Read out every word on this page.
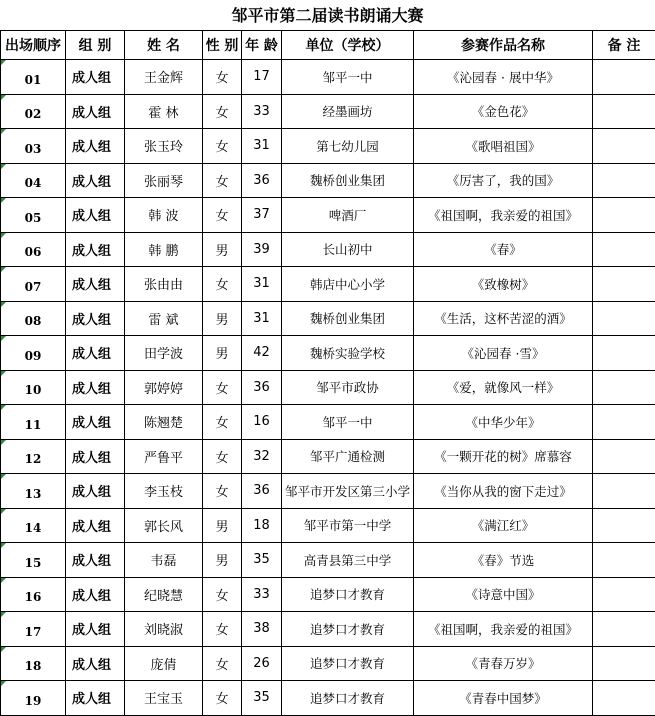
邹平市第二届读书朗诵大赛
出场顺序	组 别	姓 名	性 别	年 龄	单位（学校）	参赛作品名称	备 注

01	成人组	王金辉	女	17	邹平一中	《沁园春 · 展中华》	

02	成人组	霍 林	女	33	经墨画坊	《金色花》	

03	成人组	张玉玲	女	31	第七幼儿园	《歌唱祖国》	

04	成人组	张丽琴	女	36	魏桥创业集团	《厉害了，我的国》	

05	成人组	韩 波	女	37	啤酒厂	《祖国啊，我亲爱的祖国》	

06	成人组	韩 鹏	男	39	长山初中	《春》	

07	成人组	张由由	女	31	韩店中心小学	《致橡树》	

08	成人组	雷 斌	男	31	魏桥创业集团	《生活，这杯苦涩的酒》	

09	成人组	田学波	男	42	魏桥实验学校	《沁园春 ·雪》	

10	成人组	郭婷婷	女	36	邹平市政协	《爱，就像风一样》	

11	成人组	陈翘楚	女	16	邹平一中	《中华少年》	

12	成人组	严鲁平	女	32	邹平广通检测	《一颗开花的树》席慕容	

13	成人组	李玉枝	女	36	邹平市开发区第三小学	《当你从我的窗下走过》	

14	成人组	郭长风	男	18	邹平市第一中学	《满江红》	

15	成人组	韦磊	男	35	高青县第三中学	《春》节选	

16	成人组	纪晓慧	女	33	追梦口才教育	《诗意中国》	

17	成人组	刘晓淑	女	38	追梦口才教育	《祖国啊，我亲爱的祖国》	

18	成人组	庞倩	女	26	追梦口才教育	《青春万岁》	

19	成人组	王宝玉	女	35	追梦口才教育	《青春中国梦》	
